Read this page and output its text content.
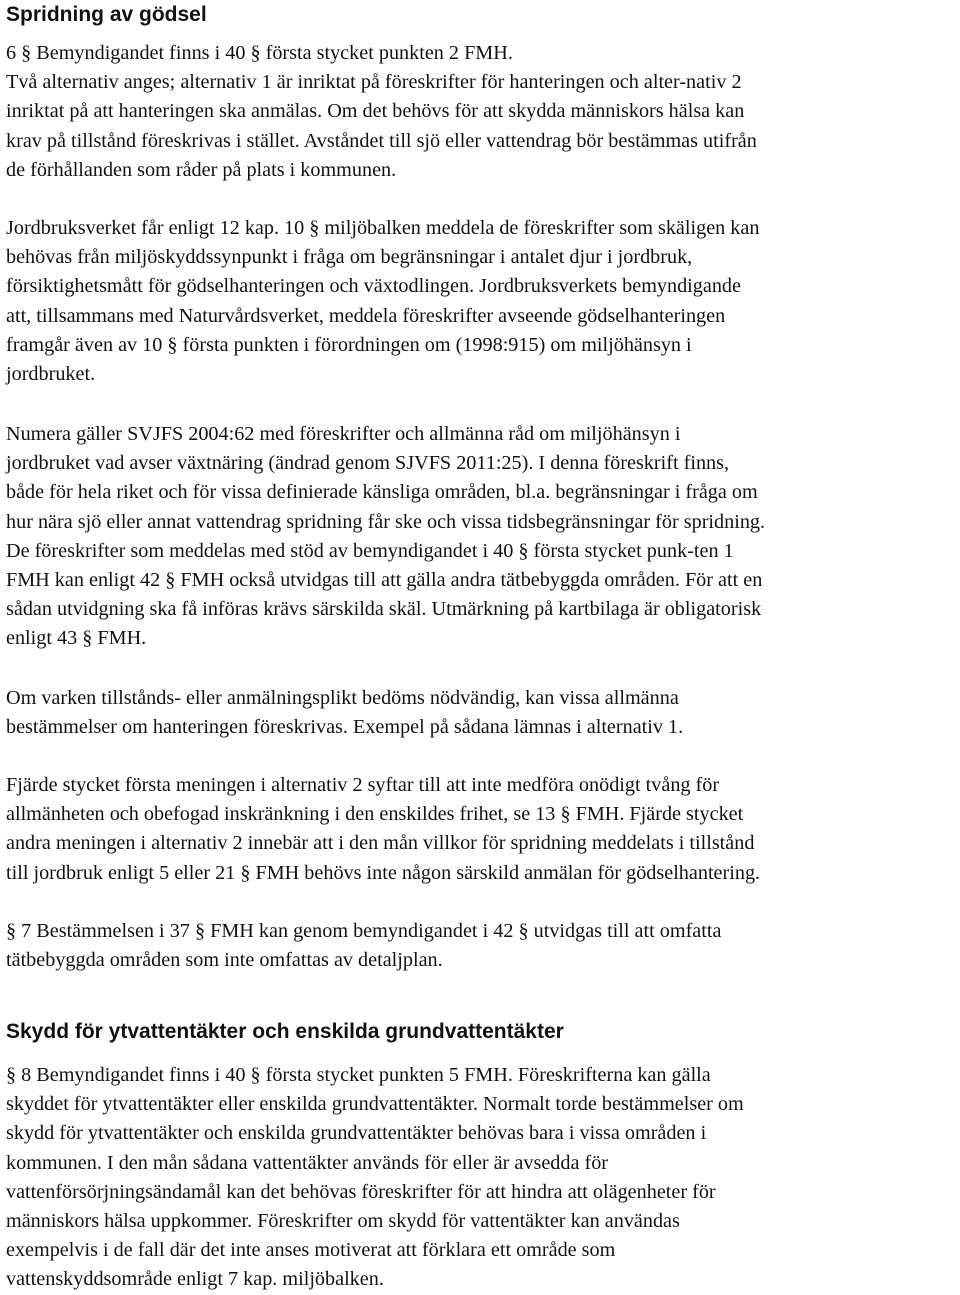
Spridning av gödsel
6 § Bemyndigandet finns i 40 § första stycket punkten 2 FMH.
Två alternativ anges; alternativ 1 är inriktat på föreskrifter för hanteringen och alter-nativ 2
inriktat på att hanteringen ska anmälas. Om det behövs för att skydda människors hälsa kan
krav på tillstånd föreskrivas i stället. Avståndet till sjö eller vattendrag bör bestämmas utifrån
de förhållanden som råder på plats i kommunen.
Jordbruksverket får enligt 12 kap. 10 § miljöbalken meddela de föreskrifter som skäligen kan
behövas från miljöskyddssynpunkt i fråga om begränsningar i antalet djur i jordbruk,
försiktighetsmått för gödselhanteringen och växtodlingen. Jordbruksverkets bemyndigande
att, tillsammans med Naturvårdsverket, meddela föreskrifter avseende gödselhanteringen
framgår även av 10 § första punkten i förordningen om (1998:915) om miljöhänsyn i
jordbruket.
Numera gäller SVJFS 2004:62 med föreskrifter och allmänna råd om miljöhänsyn i
jordbruket vad avser växtnäring (ändrad genom SJVFS 2011:25). I denna föreskrift finns,
både för hela riket och för vissa definierade känsliga områden, bl.a. begränsningar i fråga om
hur nära sjö eller annat vattendrag spridning får ske och vissa tidsbegränsningar för spridning.
De föreskrifter som meddelas med stöd av bemyndigandet i 40 § första stycket punk-ten 1
FMH kan enligt 42 § FMH också utvidgas till att gälla andra tätbebyggda områden. För att en
sådan utvidgning ska få införas krävs särskilda skäl. Utmärkning på kartbilaga är obligatorisk
enligt 43 § FMH.
Om varken tillstånds- eller anmälningsplikt bedöms nödvändig, kan vissa allmänna
bestämmelser om hanteringen föreskrivas. Exempel på sådana lämnas i alternativ 1.
Fjärde stycket första meningen i alternativ 2 syftar till att inte medföra onödigt tvång för
allmänheten och obefogad inskränkning i den enskildes frihet, se 13 § FMH. Fjärde stycket
andra meningen i alternativ 2 innebär att i den mån villkor för spridning meddelats i tillstånd
till jordbruk enligt 5 eller 21 § FMH behövs inte någon särskild anmälan för gödselhantering.
§ 7 Bestämmelsen i 37 § FMH kan genom bemyndigandet i 42 § utvidgas till att omfatta
tätbebyggda områden som inte omfattas av detaljplan.
Skydd för ytvattentäkter och enskilda grundvattentäkter
§ 8 Bemyndigandet finns i 40 § första stycket punkten 5 FMH. Föreskrifterna kan gälla
skyddet för ytvattentäkter eller enskilda grundvattentäkter. Normalt torde bestämmelser om
skydd för ytvattentäkter och enskilda grundvattentäkter behövas bara i vissa områden i
kommunen. I den mån sådana vattentäkter används för eller är avsedda för
vattenförsörjningsändamål kan det behövas föreskrifter för att hindra att olägenheter för
människors hälsa uppkommer. Föreskrifter om skydd för vattentäkter kan användas
exempelvis i de fall där det inte anses motiverat att förklara ett område som
vattenskyddsområde enligt 7 kap. miljöbalken.
